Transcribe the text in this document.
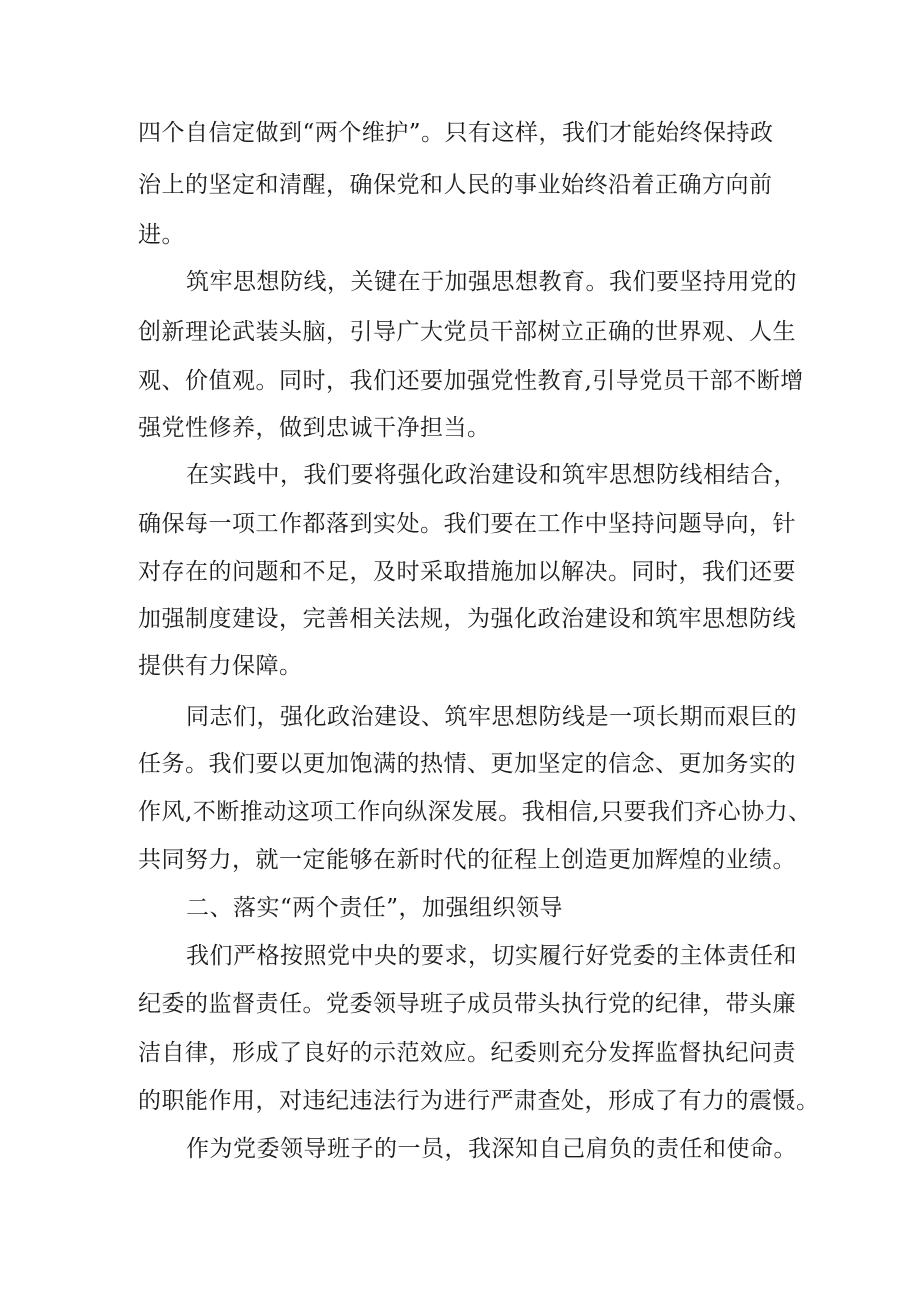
四个自信定做到“两个维护”。只有这样，我们才能始终保持政
治上的坚定和清醒，确保党和人民的事业始终沿着正确方向前
进。
筑牢思想防线，关键在于加强思想教育。我们要坚持用党的
创新理论武装头脑，引导广大党员干部树立正确的世界观、人生
观、价值观。同时，我们还要加强党性教育,引导党员干部不断增
强党性修养，做到忠诚干净担当。
在实践中，我们要将强化政治建设和筑牢思想防线相结合，
确保每一项工作都落到实处。我们要在工作中坚持问题导向，针
对存在的问题和不足，及时采取措施加以解决。同时，我们还要
加强制度建设，完善相关法规，为强化政治建设和筑牢思想防线
提供有力保障。
同志们，强化政治建设、筑牢思想防线是一项长期而艰巨的
任务。我们要以更加饱满的热情、更加坚定的信念、更加务实的
作风,不断推动这项工作向纵深发展。我相信,只要我们齐心协力、
共同努力，就一定能够在新时代的征程上创造更加辉煌的业绩。
二、落实“两个责任”，加强组织领导
我们严格按照党中央的要求，切实履行好党委的主体责任和
纪委的监督责任。党委领导班子成员带头执行党的纪律，带头廉
洁自律，形成了良好的示范效应。纪委则充分发挥监督执纪问责
的职能作用，对违纪违法行为进行严肃查处，形成了有力的震慑。
作为党委领导班子的一员，我深知自己肩负的责任和使命。
